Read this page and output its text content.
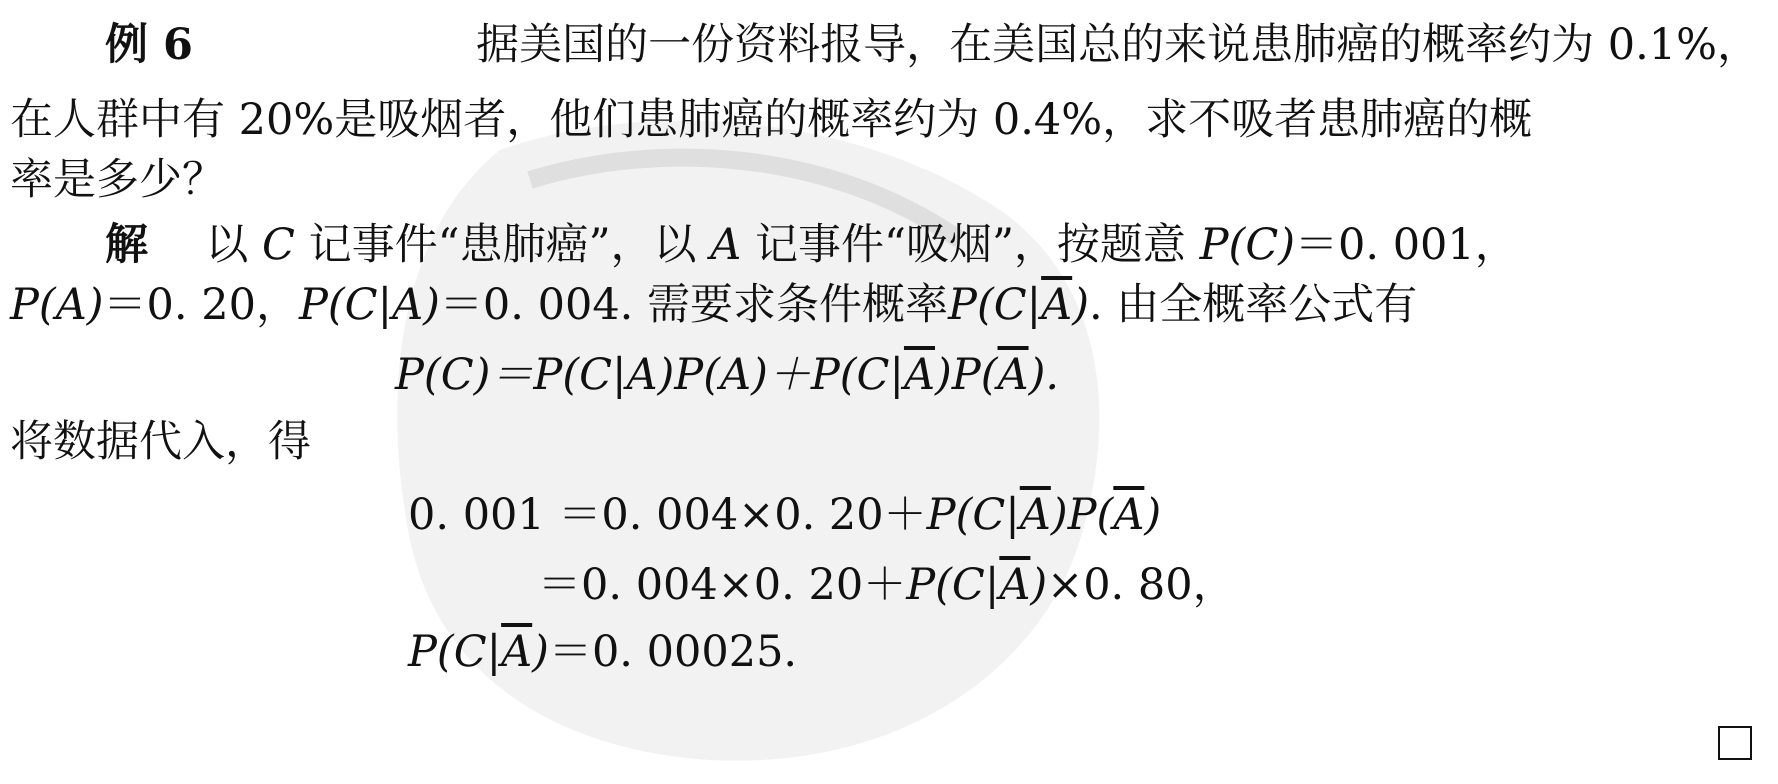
例 6	据美国的一份资料报导，在美国总的来说患肺癌的概率约为 0.1%，
在人群中有 20%是吸烟者，他们患肺癌的概率约为 0.4%，求不吸者患肺癌的概
率是多少？
解 以 C 记事件“患肺癌”，以 A 记事件“吸烟”，按题意 P(C)＝0. 001，
P(A)＝0. 20，P(C|A)＝0. 004. 需要求条件概率$P(C|\overline{A})$. 由全概率公式有
$P(C)=P(C|A)P(A)+P(C|\overline{A})P(\overline{A})$.
将数据代入，得
0. 001 ＝0. 004×0. $20+P(C|\overline{A})P(\overline{A})$
＝0. 004×0. $20+P(C|\overline{A})\times 0$. 80，
$P(C|\overline{A})=0$. 00025.
